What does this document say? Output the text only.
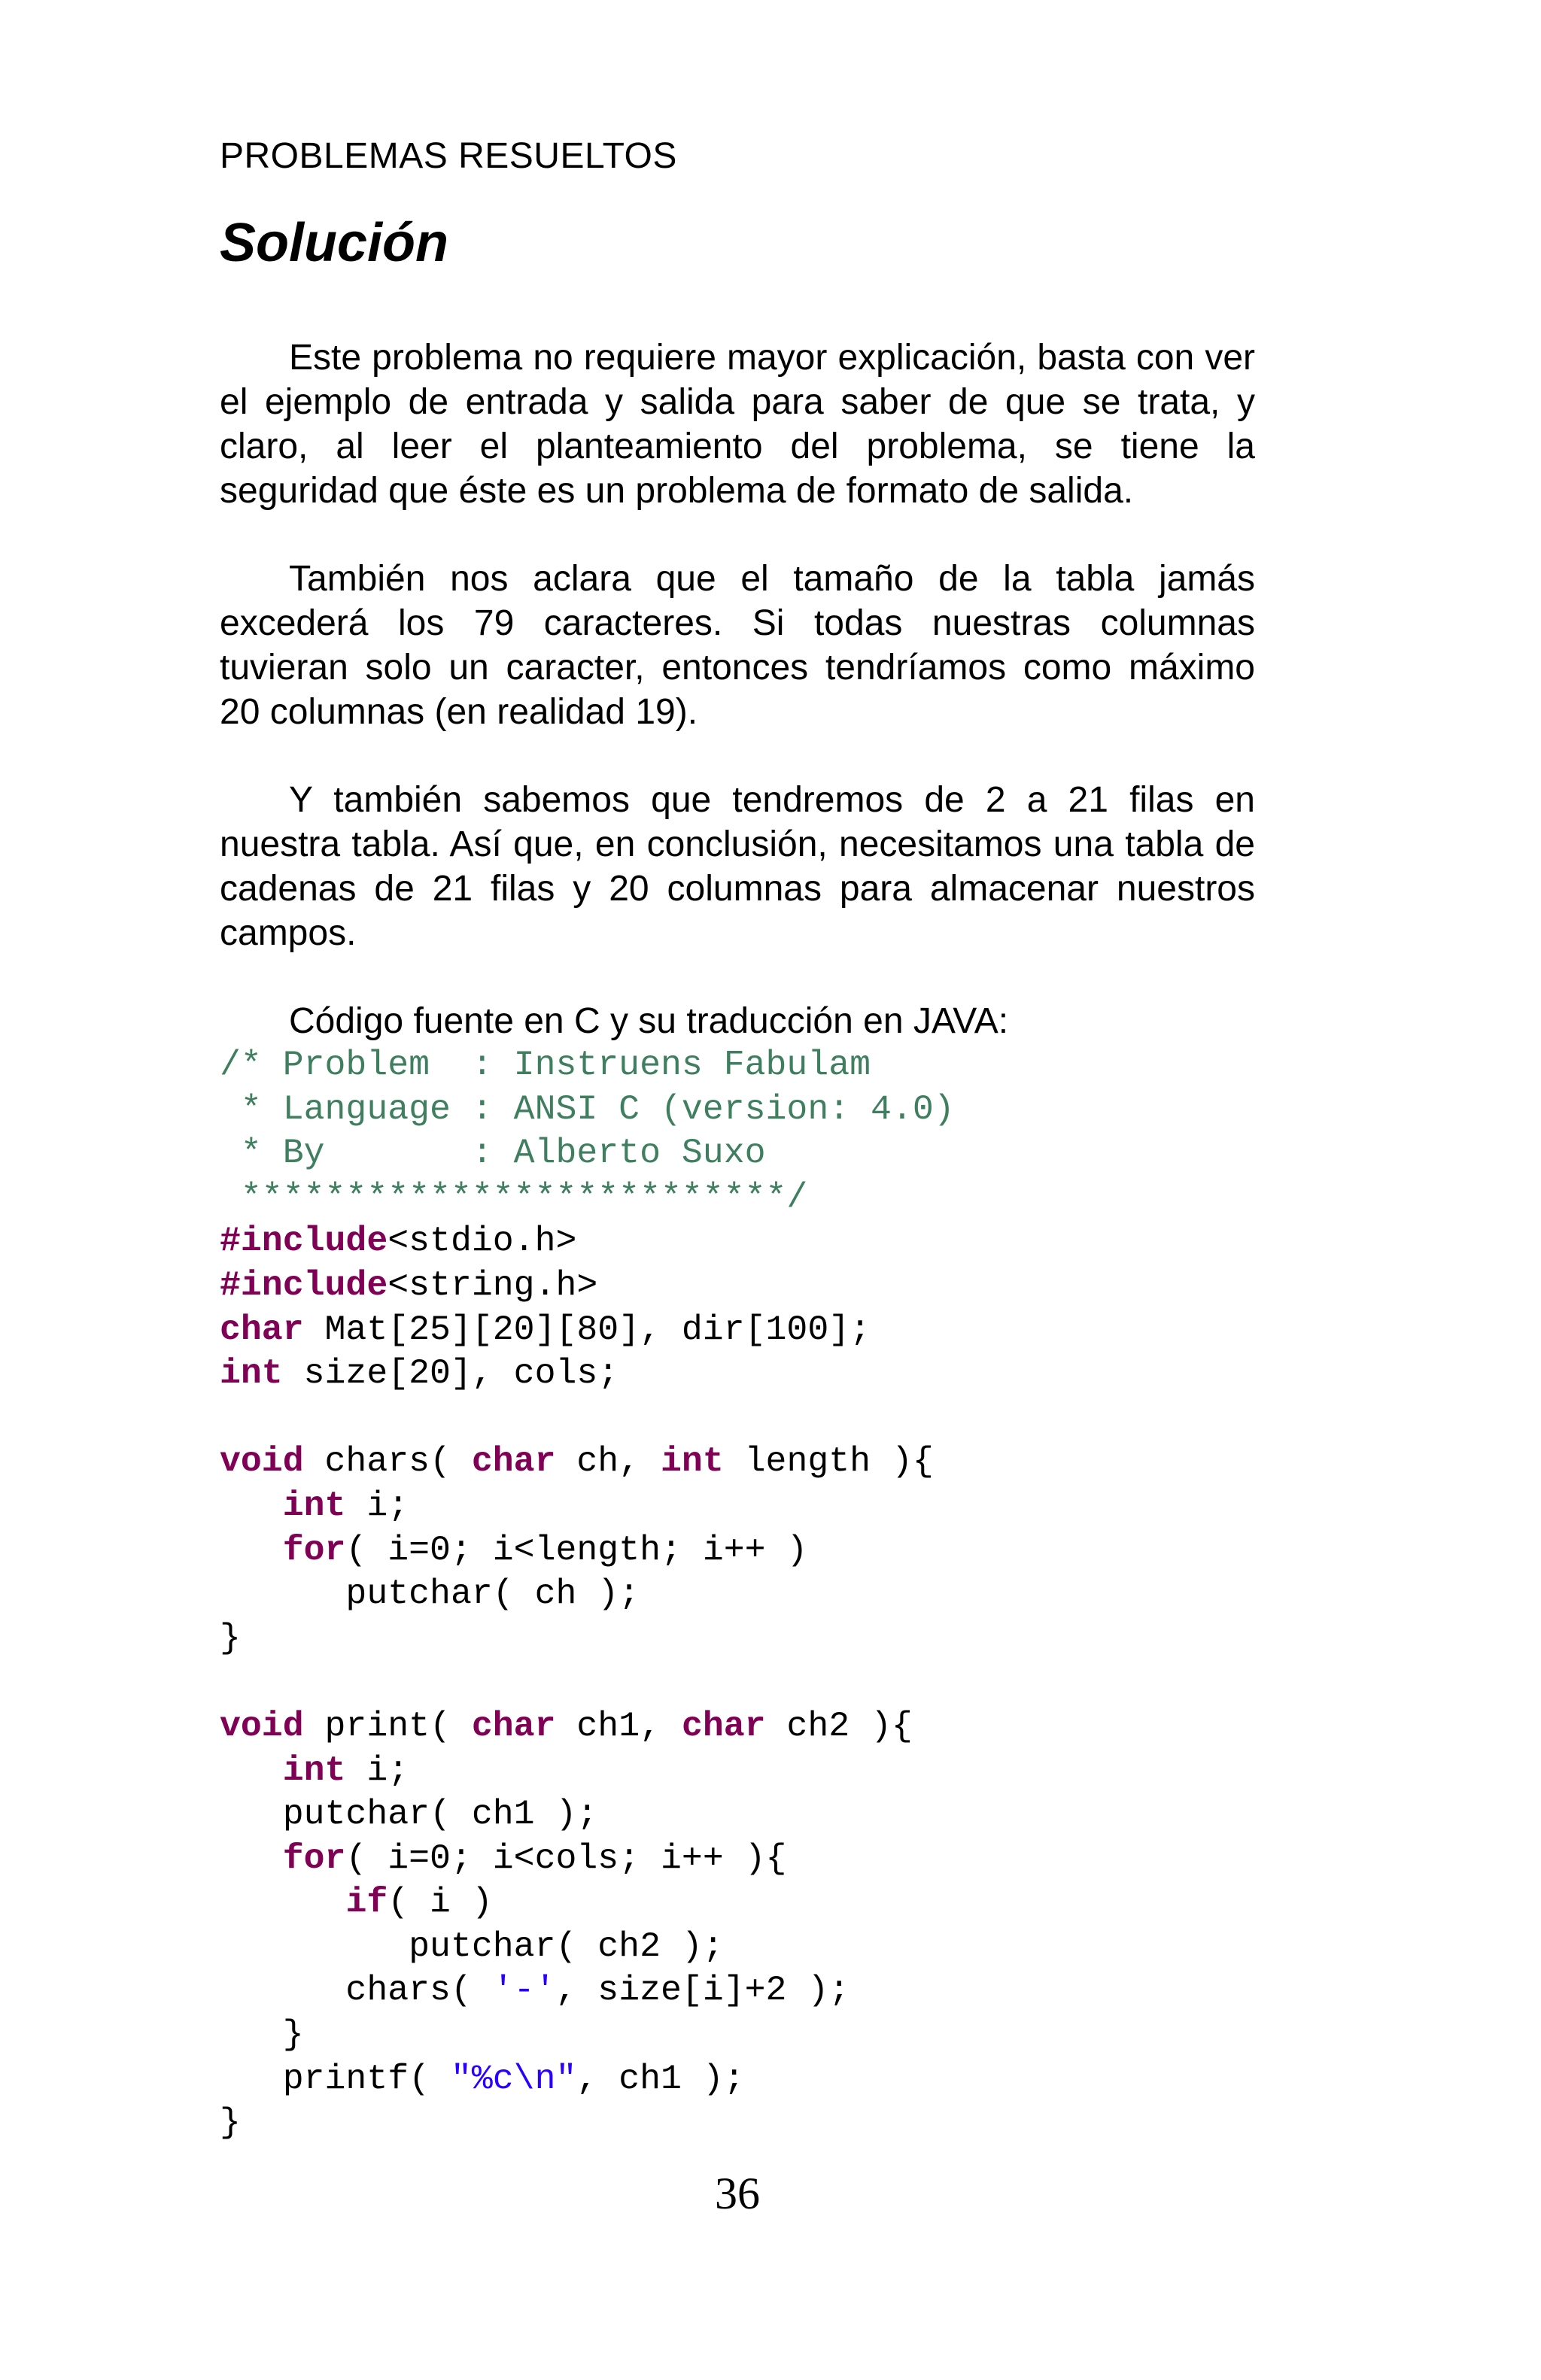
PROBLEMAS RESUELTOS
Solución

Este problema no requiere mayor explicación, basta con ver el ejemplo de entrada y salida para saber de que se trata, y claro, al leer el planteamiento del problema, se tiene la seguridad que éste es un problema de formato de salida.

También nos aclara que el tamaño de la tabla jamás excederá los 79 caracteres. Si todas nuestras columnas tuvieran solo un caracter, entonces tendríamos como máximo 20 columnas (en realidad 19).

Y también sabemos que tendremos de 2 a 21 filas en nuestra tabla. Así que, en conclusión, necesitamos una tabla de cadenas de 21 filas y 20 columnas para almacenar nuestros campos.

Código fuente en C y su traducción en JAVA:
/* Problem  : Instruens Fabulam
* Language : ANSI C (version: 4.0)
* By       : Alberto Suxo
**************************/
#include<stdio.h>
#include<string.h>
char Mat[25][20][80], dir[100];
int size[20], cols;
void chars( char ch, int length ){
int i;
for( i=0; i<length; i++ )
putchar( ch );
}
void print( char ch1, char ch2 ){
int i;
putchar( ch1 );
for( i=0; i<cols; i++ ){
if( i )
putchar( ch2 );
chars( '-', size[i]+2 );
}
printf( "%c\n", ch1 );
}
36
